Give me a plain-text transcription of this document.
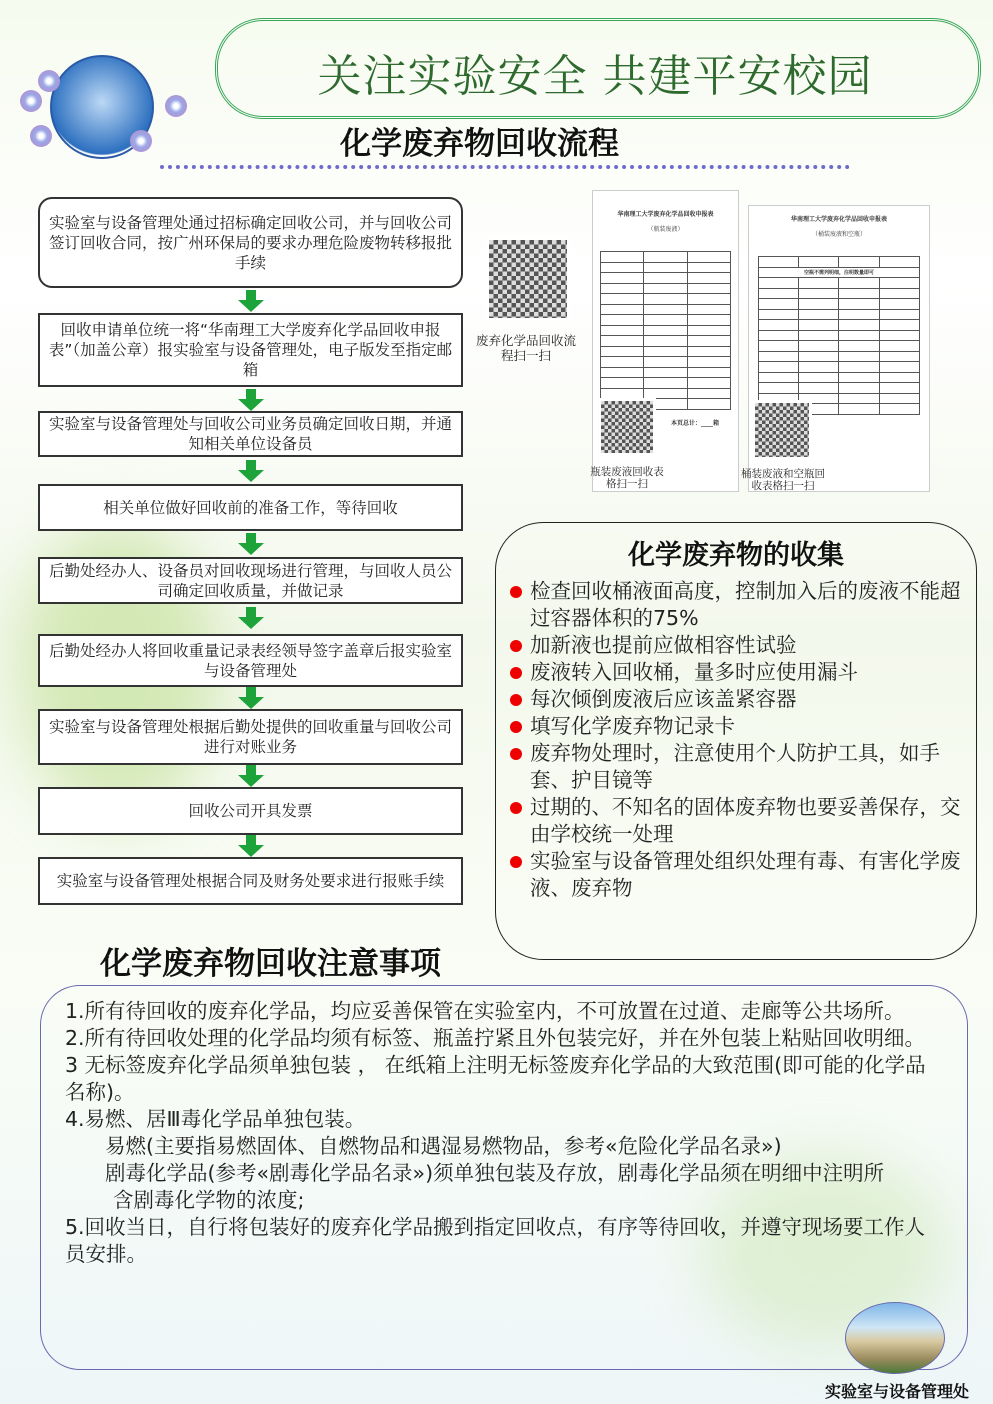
关注实验安全 共建平安校园
化学废弃物回收流程
实验室与设备管理处通过招标确定回收公司，并与回收公司签订回收合同，按广州环保局的要求办理危险废物转移报批手续
回收申请单位统一将“华南理工大学废弃化学品回收申报表”（加盖公章）报实验室与设备管理处，电子版发至指定邮箱
实验室与设备管理处与回收公司业务员确定回收日期，并通知相关单位设备员
相关单位做好回收前的准备工作，等待回收
后勤处经办人、设备员对回收现场进行管理，与回收人员公司确定回收质量，并做记录
后勤处经办人将回收重量记录表经领导签字盖章后报实验室与设备管理处
实验室与设备管理处根据后勤处提供的回收重量与回收公司进行对账业务
回收公司开具发票
实验室与设备管理处根据合同及财务处要求进行报账手续
废弃化学品回收流程扫一扫
华南理工大学废弃化学品回收申报表
（瓶装废液）

本页总计：____箱
瓶装废液回收表格扫一扫
华南理工大学废弃化学品回收申报表
（桶装废液和空瓶）

空瓶不需列明细，注明数量即可			

桶装废液和空瓶回收表格扫一扫
化学废弃物的收集
检查回收桶液面高度，控制加入后的废液不能超过容器体积的75%
加新液也提前应做相容性试验
废液转入回收桶，量多时应使用漏斗
每次倾倒废液后应该盖紧容器
填写化学废弃物记录卡
废弃物处理时，注意使用个人防护工具，如手套、护目镜等
过期的、不知名的固体废弃物也要妥善保存，交由学校统一处理
实验室与设备管理处组织处理有毒、有害化学废液、废弃物
化学废弃物回收注意事项

1.所有待回收的废弃化学品，均应妥善保管在实验室内，不可放置在过道、走廊等公共场所。

2.所有待回收处理的化学品均须有标签、瓶盖拧紧且外包装完好，并在外包装上粘贴回收明细。

3 无标签废弃化学品须单独包装 ， 在纸箱上注明无标签废弃化学品的大致范围(即可能的化学品名称)。

4.易燃、居Ⅲ毒化学品单独包装。

易燃(主要指易燃固体、自燃物品和遇湿易燃物品，参考«危险化学品名录»)

剧毒化学品(参考«剧毒化学品名录»)须单独包装及存放，剧毒化学品须在明细中注明所

含剧毒化学物的浓度;

5.回收当日，自行将包装好的废弃化学品搬到指定回收点，有序等待回收，并遵守现场要工作人员安排。

实验室与设备管理处
